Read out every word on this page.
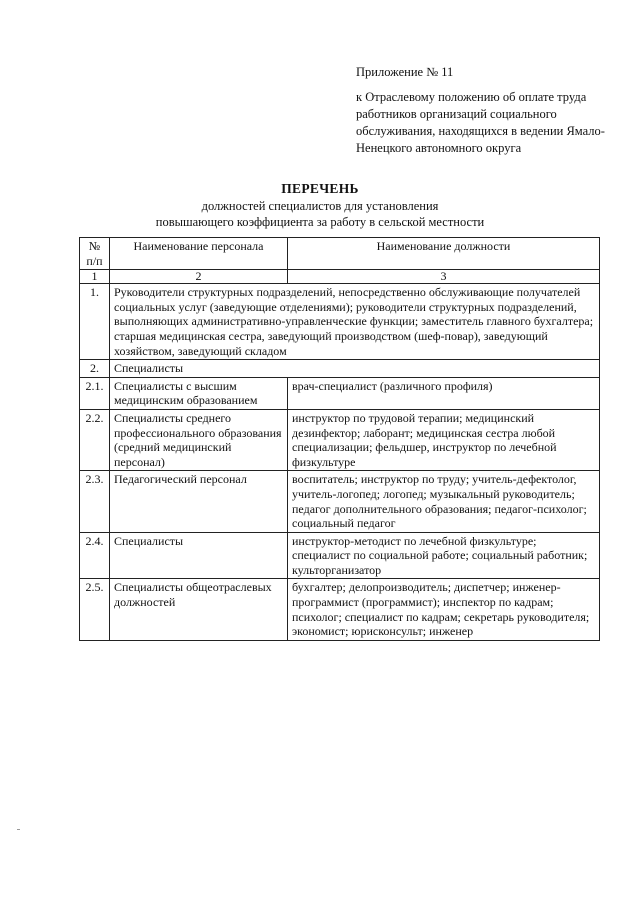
Приложение № 11
к Отраслевому положению об оплате труда
работников организаций социального
обслуживания, находящихся в ведении Ямало-
Ненецкого автономного округа
ПЕРЕЧЕНЬ
должностей специалистов для установления
повышающего коэффициента за работу в сельской местности
№ п/п	Наименование персонала	Наименование должности
1	2	3
1.	Руководители структурных подразделений, непосредственно обслуживающие получателей социальных услуг (заведующие отделениями); руководители структурных подразделений, выполняющих административно-управленческие функции; заместитель главного бухгалтера; старшая медицинская сестра, заведующий производством (шеф-повар), заведующий хозяйством, заведующий складом	
2.	Специалисты	
2.1.	Специалисты с высшим медицинским образованием	врач-специалист (различного профиля)
2.2.	Специалисты среднего профессионального образования (средний медицинский персонал)	инструктор по трудовой терапии; медицинский дезинфектор; лаборант; медицинская сестра любой специализации; фельдшер, инструктор по лечебной физкультуре
2.3.	Педагогический персонал	воспитатель; инструктор по труду; учитель-дефектолог, учитель-логопед; логопед; музыкальный руководитель; педагог дополнительного образования; педагог-психолог; социальный педагог
2.4.	Специалисты	инструктор-методист по лечебной физкультуре; специалист по социальной работе; социальный работник; культорганизатор
2.5.	Специалисты общеотраслевых должностей	бухгалтер; делопроизводитель; диспетчер; инженер-программист (программист); инспектор по кадрам; психолог; специалист по кадрам; секретарь руководителя; экономист; юрисконсульт; инженер
